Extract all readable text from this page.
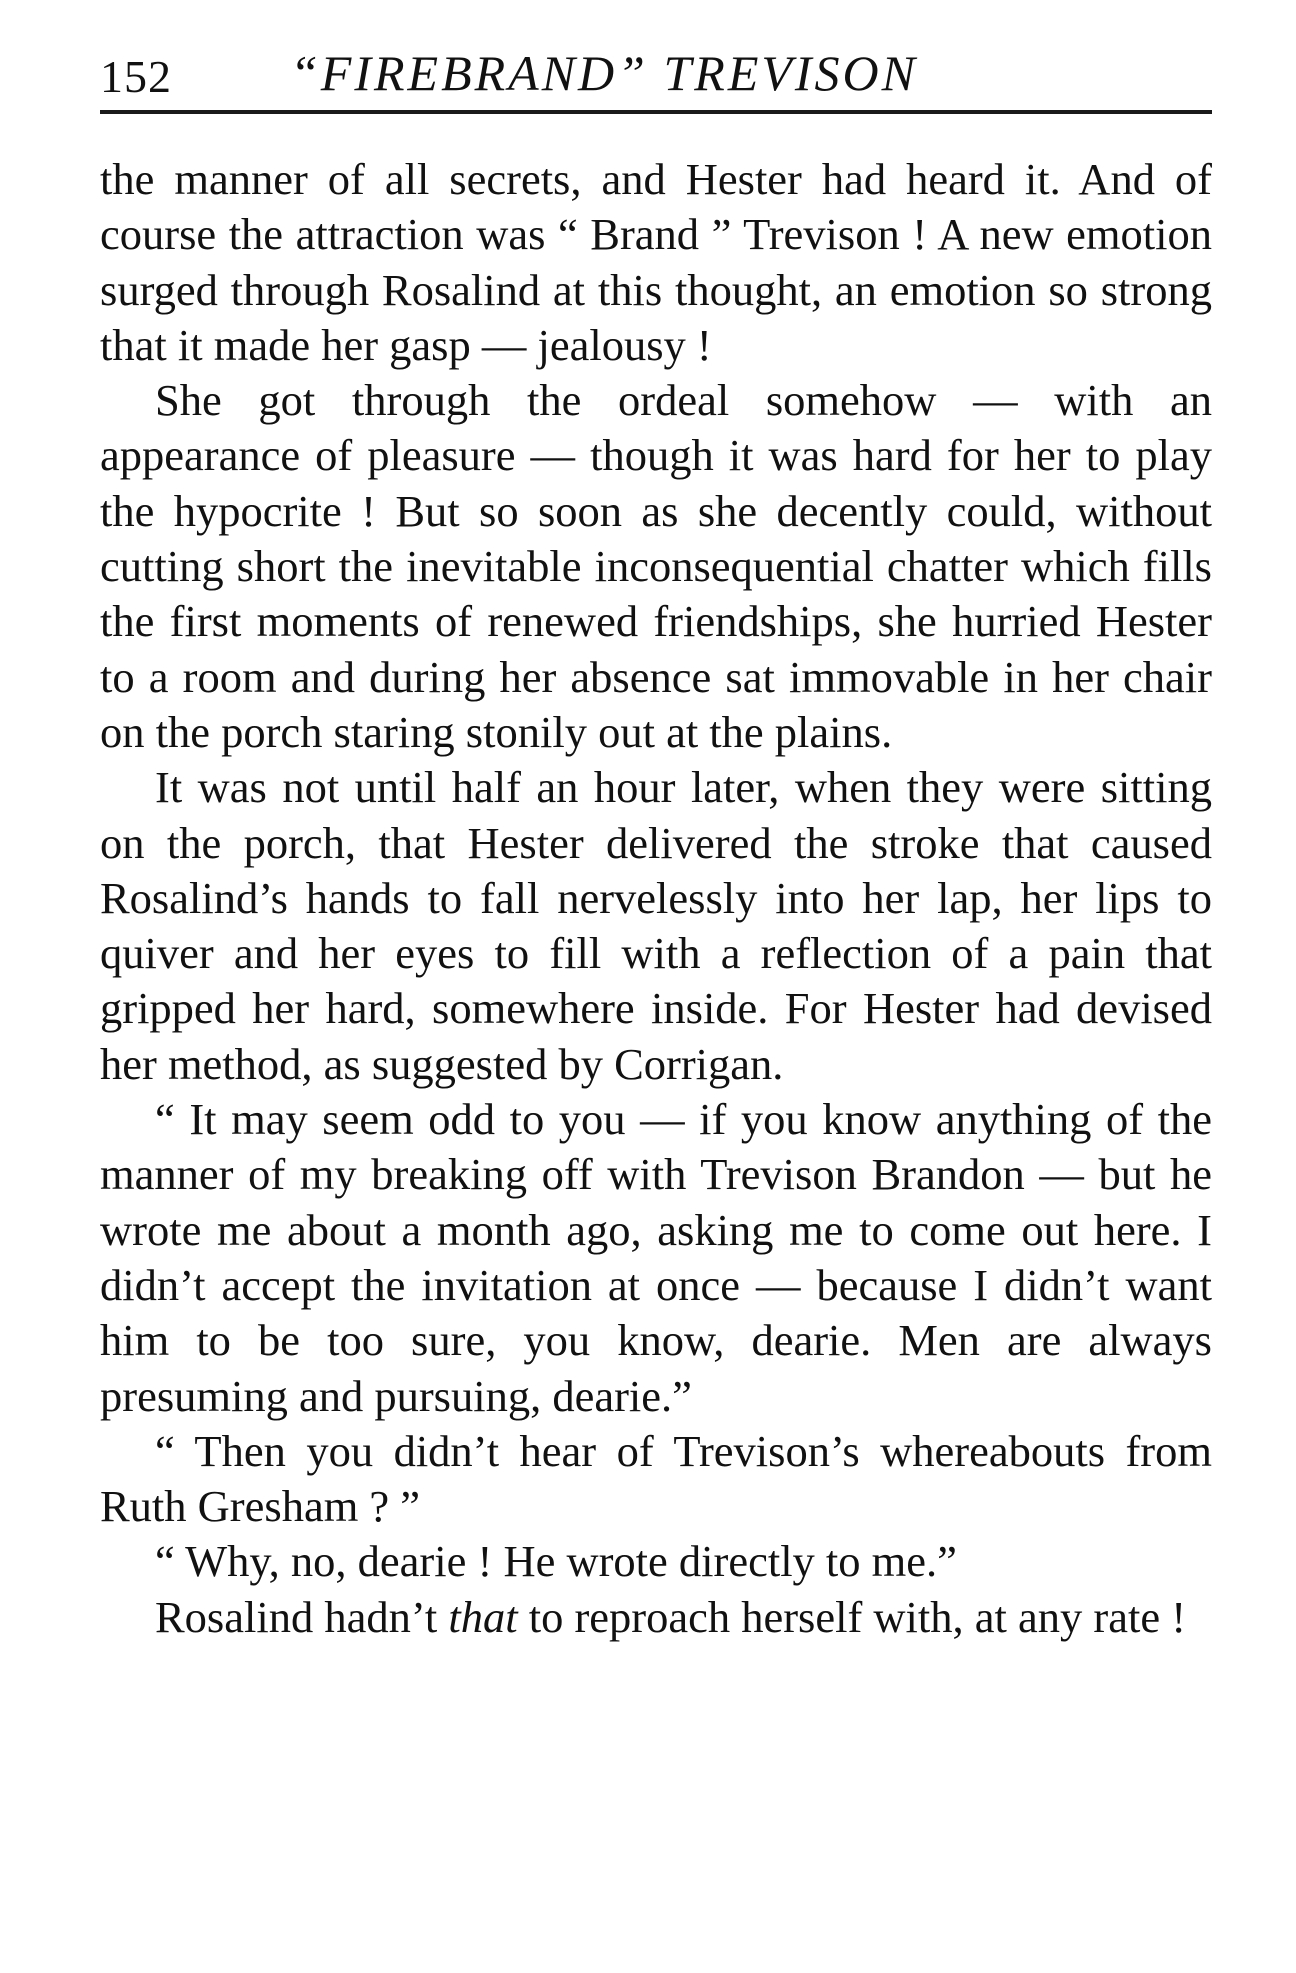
152 “FIREBRAND” TREVISON

the manner of all secrets, and Hester had heard it. And of course the attraction was “ Brand ” Trevison ! A new emotion surged through Rosalind at this thought, an emotion so strong that it made her gasp — jealousy !

She got through the ordeal somehow — with an appearance of pleasure — though it was hard for her to play the hypocrite ! But so soon as she decently could, without cutting short the inevitable inconsequential chatter which fills the first moments of renewed friendships, she hurried Hester to a room and during her absence sat immovable in her chair on the porch staring stonily out at the plains.

It was not until half an hour later, when they were sitting on the porch, that Hester delivered the stroke that caused Rosalind’s hands to fall nervelessly into her lap, her lips to quiver and her eyes to fill with a reflection of a pain that gripped her hard, somewhere inside. For Hester had devised her method, as suggested by Corrigan.

“ It may seem odd to you — if you know anything of the manner of my breaking off with Trevison Brandon — but he wrote me about a month ago, asking me to come out here. I didn’t accept the invitation at once — because I didn’t want him to be too sure, you know, dearie. Men are always presuming and pursuing, dearie.”

“ Then you didn’t hear of Trevison’s whereabouts from Ruth Gresham ? ”

“ Why, no, dearie ! He wrote directly to me.”

Rosalind hadn’t that to reproach herself with, at any rate !
